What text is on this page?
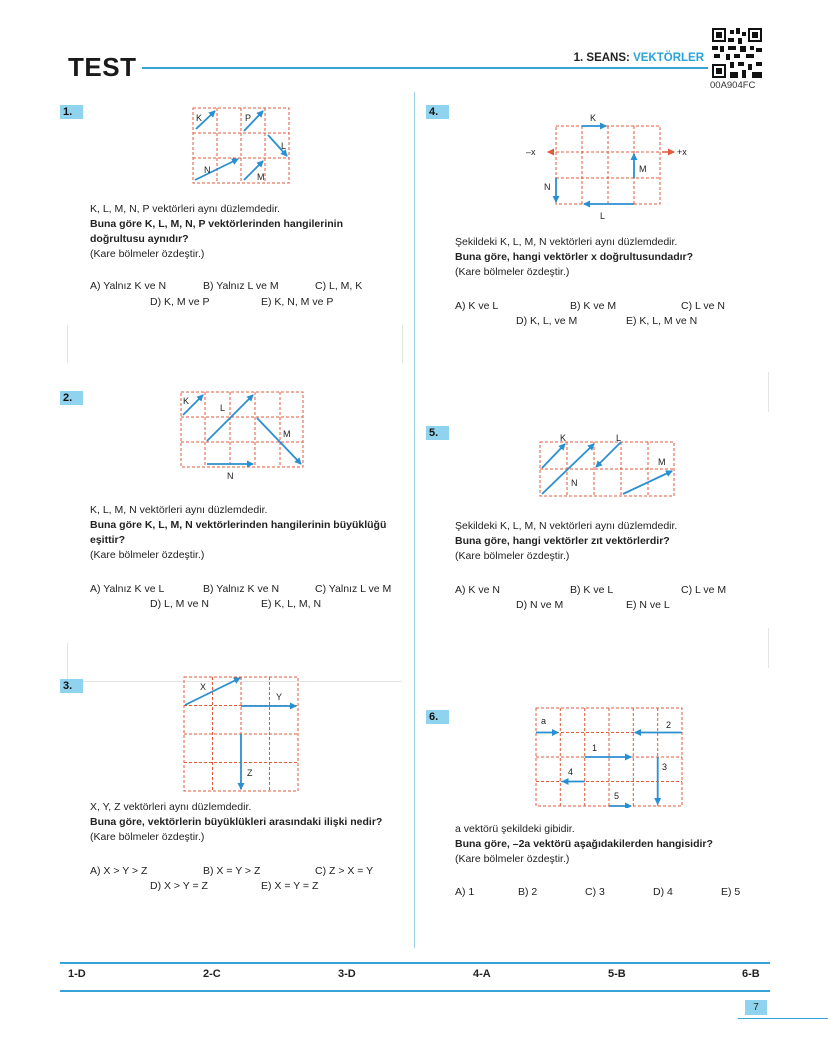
TEST	1. SEANS: VEKTÖRLER
00A904FC
1.	K	P
L
N
M
K, L, M, N, P vektörleri aynı düzlemdedir.
Buna göre K, L, M, N, P vektörlerinden hangilerinin doğrultusu aynıdır?
(Kare bölmeler özdeştir.)
A) Yalnız K ve N	B) Yalnız L ve M	C) L, M, K
D) K, M ve P	E) K, N, M ve P
2.	K
L
M
N
K, L, M, N vektörleri aynı düzlemdedir.
Buna göre K, L, M, N vektörlerinden hangilerinin büyüklüğü eşittir?
(Kare bölmeler özdeştir.)
A) Yalnız K ve L	B) Yalnız K ve N	C) Yalnız L ve M
D) L, M ve N	E) K, L, M, N
3.	X
Y
Z
X, Y, Z vektörleri aynı düzlemdedir.
Buna göre, vektörlerin büyüklükleri arasındaki ilişki nedir?
(Kare bölmeler özdeştir.)
A) X > Y > Z	B) X = Y > Z	C) Z > X = Y
D) X > Y = Z	E) X = Y = Z
4.	K
–x	+x
M
N
L
Şekildeki K, L, M, N vektörleri aynı düzlemdedir.
Buna göre, hangi vektörler x doğrultusundadır?
(Kare bölmeler özdeştir.)
A) K ve L	B) K ve M	C) L ve N
D) K, L, ve M	E) K, L, M ve N
5.	K	L
M
N
Şekildeki K, L, M, N vektörleri aynı düzlemdedir.
Buna göre, hangi vektörler zıt vektörlerdir?
(Kare bölmeler özdeştir.)
A) K ve N	B) K ve L	C) L ve M
D) N ve M	E) N ve L
6.	a	2
1
3
4
5
a vektörü şekildeki gibidir.
Buna göre, –2a vektörü aşağıdakilerden hangisidir?
(Kare bölmeler özdeştir.)
A) 1	B) 2	C) 3	D) 4	E) 5
1-D	2-C	3-D	4-A	5-B	6-B
7
